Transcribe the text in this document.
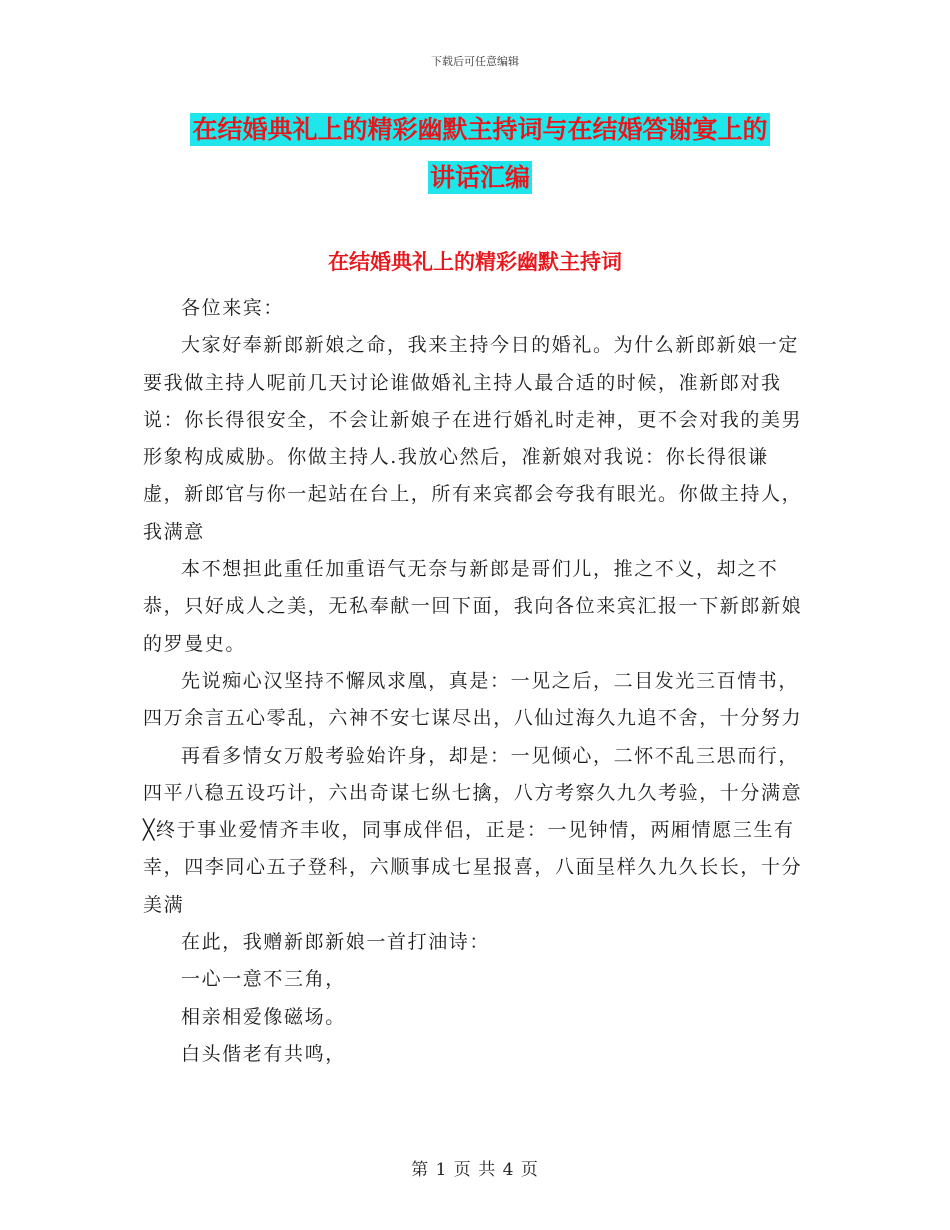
下载后可任意编辑
在结婚典礼上的精彩幽默主持词与在结婚答谢宴上的
讲话汇编
在结婚典礼上的精彩幽默主持词

各位来宾：

大家好奉新郎新娘之命，我来主持今日的婚礼。为什么新郎新娘一定要我做主持人呢前几天讨论谁做婚礼主持人最合适的时候，准新郎对我说：你长得很安全，不会让新娘子在进行婚礼时走神，更不会对我的美男形象构成威胁。你做主持人.我放心然后，准新娘对我说：你长得很谦虚，新郎官与你一起站在台上，所有来宾都会夸我有眼光。你做主持人，我满意

本不想担此重任加重语气无奈与新郎是哥们儿，推之不义，却之不恭，只好成人之美，无私奉献一回下面，我向各位来宾汇报一下新郎新娘的罗曼史。

先说痴心汉坚持不懈凤求凰，真是：一见之后，二目发光三百情书，四万余言五心零乱，六神不安七谋尽出，八仙过海久九追不舍，十分努力

再看多情女万般考验始许身，却是：一见倾心，二怀不乱三思而行，四平八稳五设巧计，六出奇谋七纵七擒，八方考察久九久考验，十分满意╳终于事业爱情齐丰收，同事成伴侣，正是：一见钟情，两厢情愿三生有幸，四李同心五子登科，六顺事成七星报喜，八面呈样久九久长长，十分美满

在此，我赠新郎新娘一首打油诗：

一心一意不三角，

相亲相爱像磁场。

白头偕老有共鸣，

第 1 页 共 4 页
